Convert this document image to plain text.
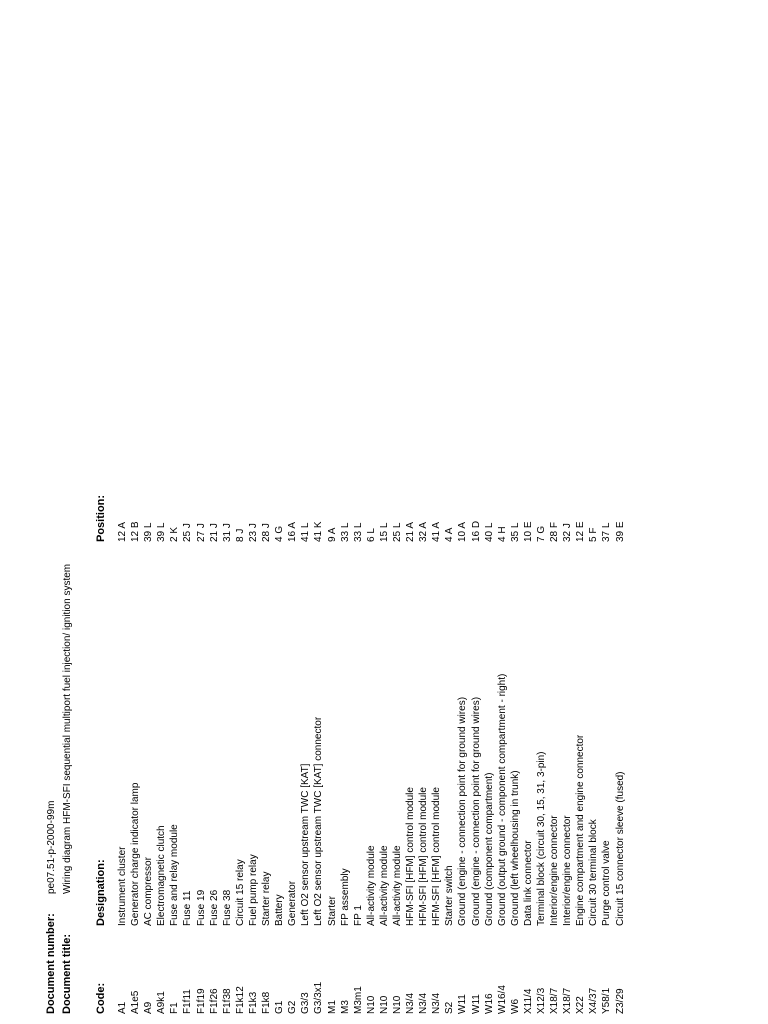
Document number:
pe07.51-p-2000-99m
Document title:
Wiring diagram HFM-SFI sequential multiport fuel injection/ ignition system
Code:
Designation:
Position:
A1
Instrument cluster
12 A
A1e5
Generator charge indicator lamp
12 B
A9
AC compressor
39 L
A9k1
Electromagnetic clutch
39 L
F1
Fuse and relay module
2 K
F1f11
Fuse 11
25 J
F1f19
Fuse 19
27 J
F1f26
Fuse 26
21 J
F1f38
Fuse 38
31 J
F1k12
Circuit 15 relay
8 J
F1k3
Fuel pump relay
23 J
F1k8
Starter relay
28 J
G1
Battery
4 G
G2
Generator
16 A
G3/3
Left O2 sensor upstream TWC [KAT]
41 L
G3/3x1
Left O2 sensor upstream TWC [KAT] connector
41 K
M1
Starter
9 A
M3
FP assembly
33 L
M3m1
FP 1
33 L
N10
All-activity module
6 L
N10
All-activity module
15 L
N10
All-activity module
25 L
N3/4
HFM-SFI [HFM] control module
21 A
N3/4
HFM-SFI [HFM] control module
32 A
N3/4
HFM-SFI [HFM] control module
41 A
S2
Starter switch
4 A
W11
Ground (engine - connection point for ground wires)
10 A
W11
Ground (engine - connection point for ground wires)
16 D
W16
Ground (component compartment)
40 L
W16/4
Ground (output ground - component compartment - right)
4 H
W6
Ground (left wheelhousing in trunk)
35 L
X11/4
Data link connector
10 E
X12/3
Terminal block (circuit 30, 15, 31, 3-pin)
7 G
X18/7
Interior/engine connector
28 F
X18/7
Interior/engine connector
32 J
X22
Engine compartment and engine connector
12 E
X4/37
Circuit 30 terminal block
5 F
Y58/1
Purge control valve
37 L
Z3/29
Circuit 15 connector sleeve (fused)
39 E
